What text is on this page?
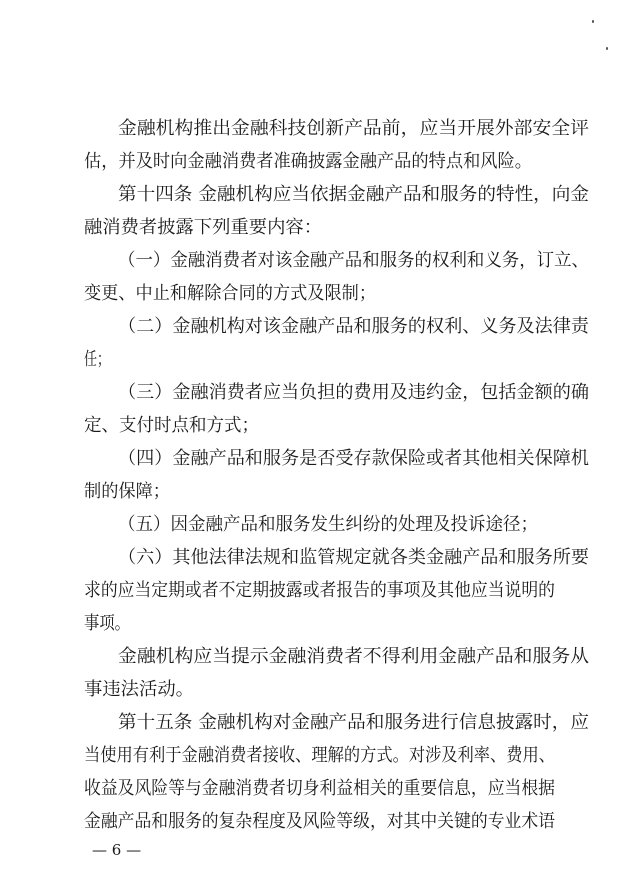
金融机构推出金融科技创新产品前，应当开展外部安全评
估，并及时向金融消费者准确披露金融产品的特点和风险。
第十四条 金融机构应当依据金融产品和服务的特性，向金
融消费者披露下列重要内容：
（一）金融消费者对该金融产品和服务的权利和义务，订立、
变更、中止和解除合同的方式及限制；
（二）金融机构对该金融产品和服务的权利、义务及法律责
任；
（三）金融消费者应当负担的费用及违约金，包括金额的确
定、支付时点和方式；
（四）金融产品和服务是否受存款保险或者其他相关保障机
制的保障；
（五）因金融产品和服务发生纠纷的处理及投诉途径；
（六）其他法律法规和监管规定就各类金融产品和服务所要
求的应当定期或者不定期披露或者报告的事项及其他应当说明的
事项。
金融机构应当提示金融消费者不得利用金融产品和服务从
事违法活动。
第十五条 金融机构对金融产品和服务进行信息披露时，应
当使用有利于金融消费者接收、理解的方式。对涉及利率、费用、
收益及风险等与金融消费者切身利益相关的重要信息，应当根据
金融产品和服务的复杂程度及风险等级，对其中关键的专业术语
— 6 —
